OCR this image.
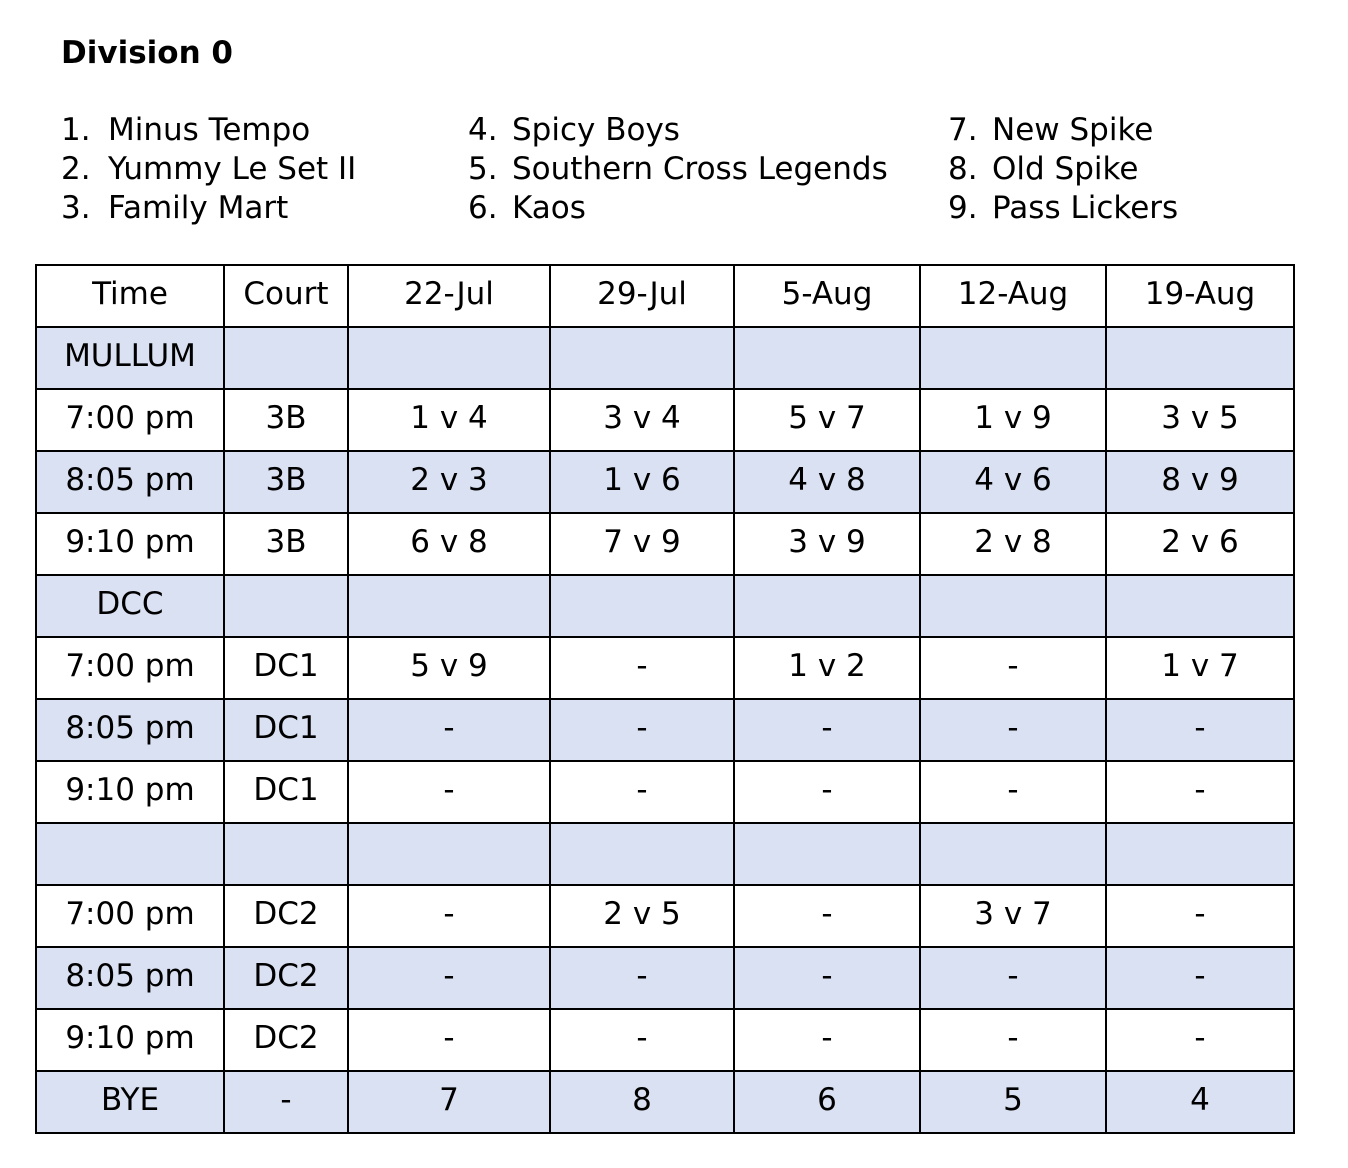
Division 0
1. Minus Tempo
2. Yummy Le Set II
3. Family Mart
4. Spicy Boys
5. Southern Cross Legends
6. Kaos
7. New Spike
8. Old Spike
9. Pass Lickers
Time	Court	22-Jul	29-Jul	5-Aug	12-Aug	19-Aug
MULLUM						
7:00 pm	3B	1 v 4	3 v 4	5 v 7	1 v 9	3 v 5
8:05 pm	3B	2 v 3	1 v 6	4 v 8	4 v 6	8 v 9
9:10 pm	3B	6 v 8	7 v 9	3 v 9	2 v 8	2 v 6
DCC						
7:00 pm	DC1	5 v 9	-	1 v 2	-	1 v 7
8:05 pm	DC1	-	-	-	-	-
9:10 pm	DC1	-	-	-	-	-

7:00 pm	DC2	-	2 v 5	-	3 v 7	-
8:05 pm	DC2	-	-	-	-	-
9:10 pm	DC2	-	-	-	-	-
BYE	-	7	8	6	5	4
